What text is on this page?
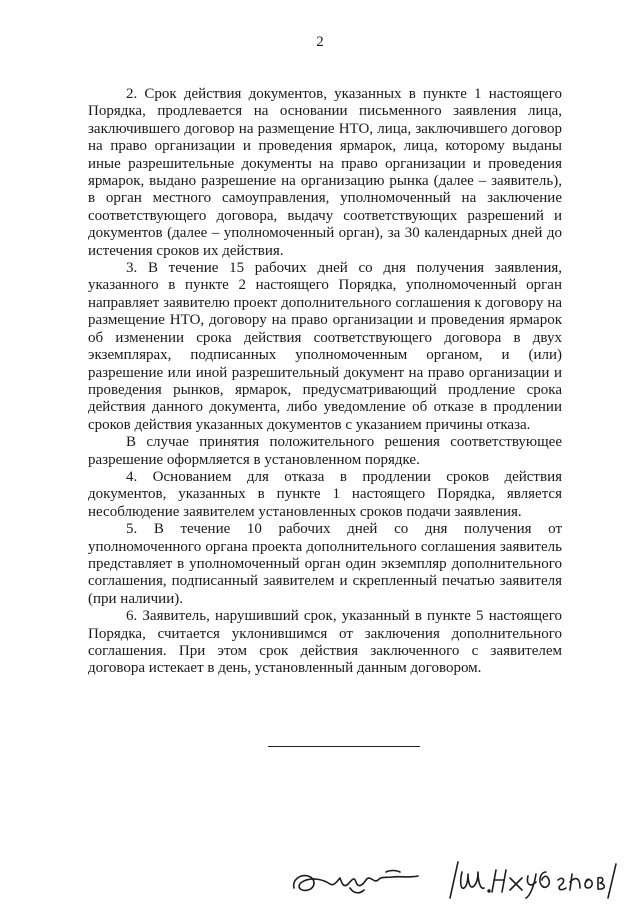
2

2. Срок действия документов, указанных в пункте 1 настоящего Порядка, продлевается на основании письменного заявления лица, заключившего договор на размещение НТО, лица, заключившего договор на право организации и проведения ярмарок, лица, которому выданы иные разрешительные документы на право организации и проведения ярмарок, выдано разрешение на организацию рынка (далее – заявитель), в орган местного самоуправления, уполномоченный на заключение соответствующего договора, выдачу соответствующих разрешений и документов (далее – уполномоченный орган), за 30 календарных дней до истечения сроков их действия.

3. В течение 15 рабочих дней со дня получения заявления, указанного в пункте 2 настоящего Порядка, уполномоченный орган направляет заявителю проект дополнительного соглашения к договору на размещение НТО, договору на право организации и проведения ярмарок об изменении срока действия соответствующего договора в двух экземплярах, подписанных уполномоченным органом, и (или) разрешение или иной разрешительный документ на право организации и проведения рынков, ярмарок, предусматривающий продление срока действия данного документа, либо уведомление об отказе в продлении сроков действия указанных документов с указанием причины отказа.

В случае принятия положительного решения соответствующее разрешение оформляется в установленном порядке.

4. Основанием для отказа в продлении сроков действия документов, указанных в пункте 1 настоящего Порядка, является несоблюдение заявителем установленных сроков подачи заявления.

5. В течение 10 рабочих дней со дня получения от уполномоченного органа проекта дополнительного соглашения заявитель представляет в уполномоченный орган один экземпляр дополнительного соглашения, подписанный заявителем и скрепленный печатью заявителя (при наличии).

6. Заявитель, нарушивший срок, указанный в пункте 5 настоящего Порядка, считается уклонившимся от заключения дополнительного соглашения. При этом срок действия заключенного с заявителем договора истекает в день, установленный данным договором.
